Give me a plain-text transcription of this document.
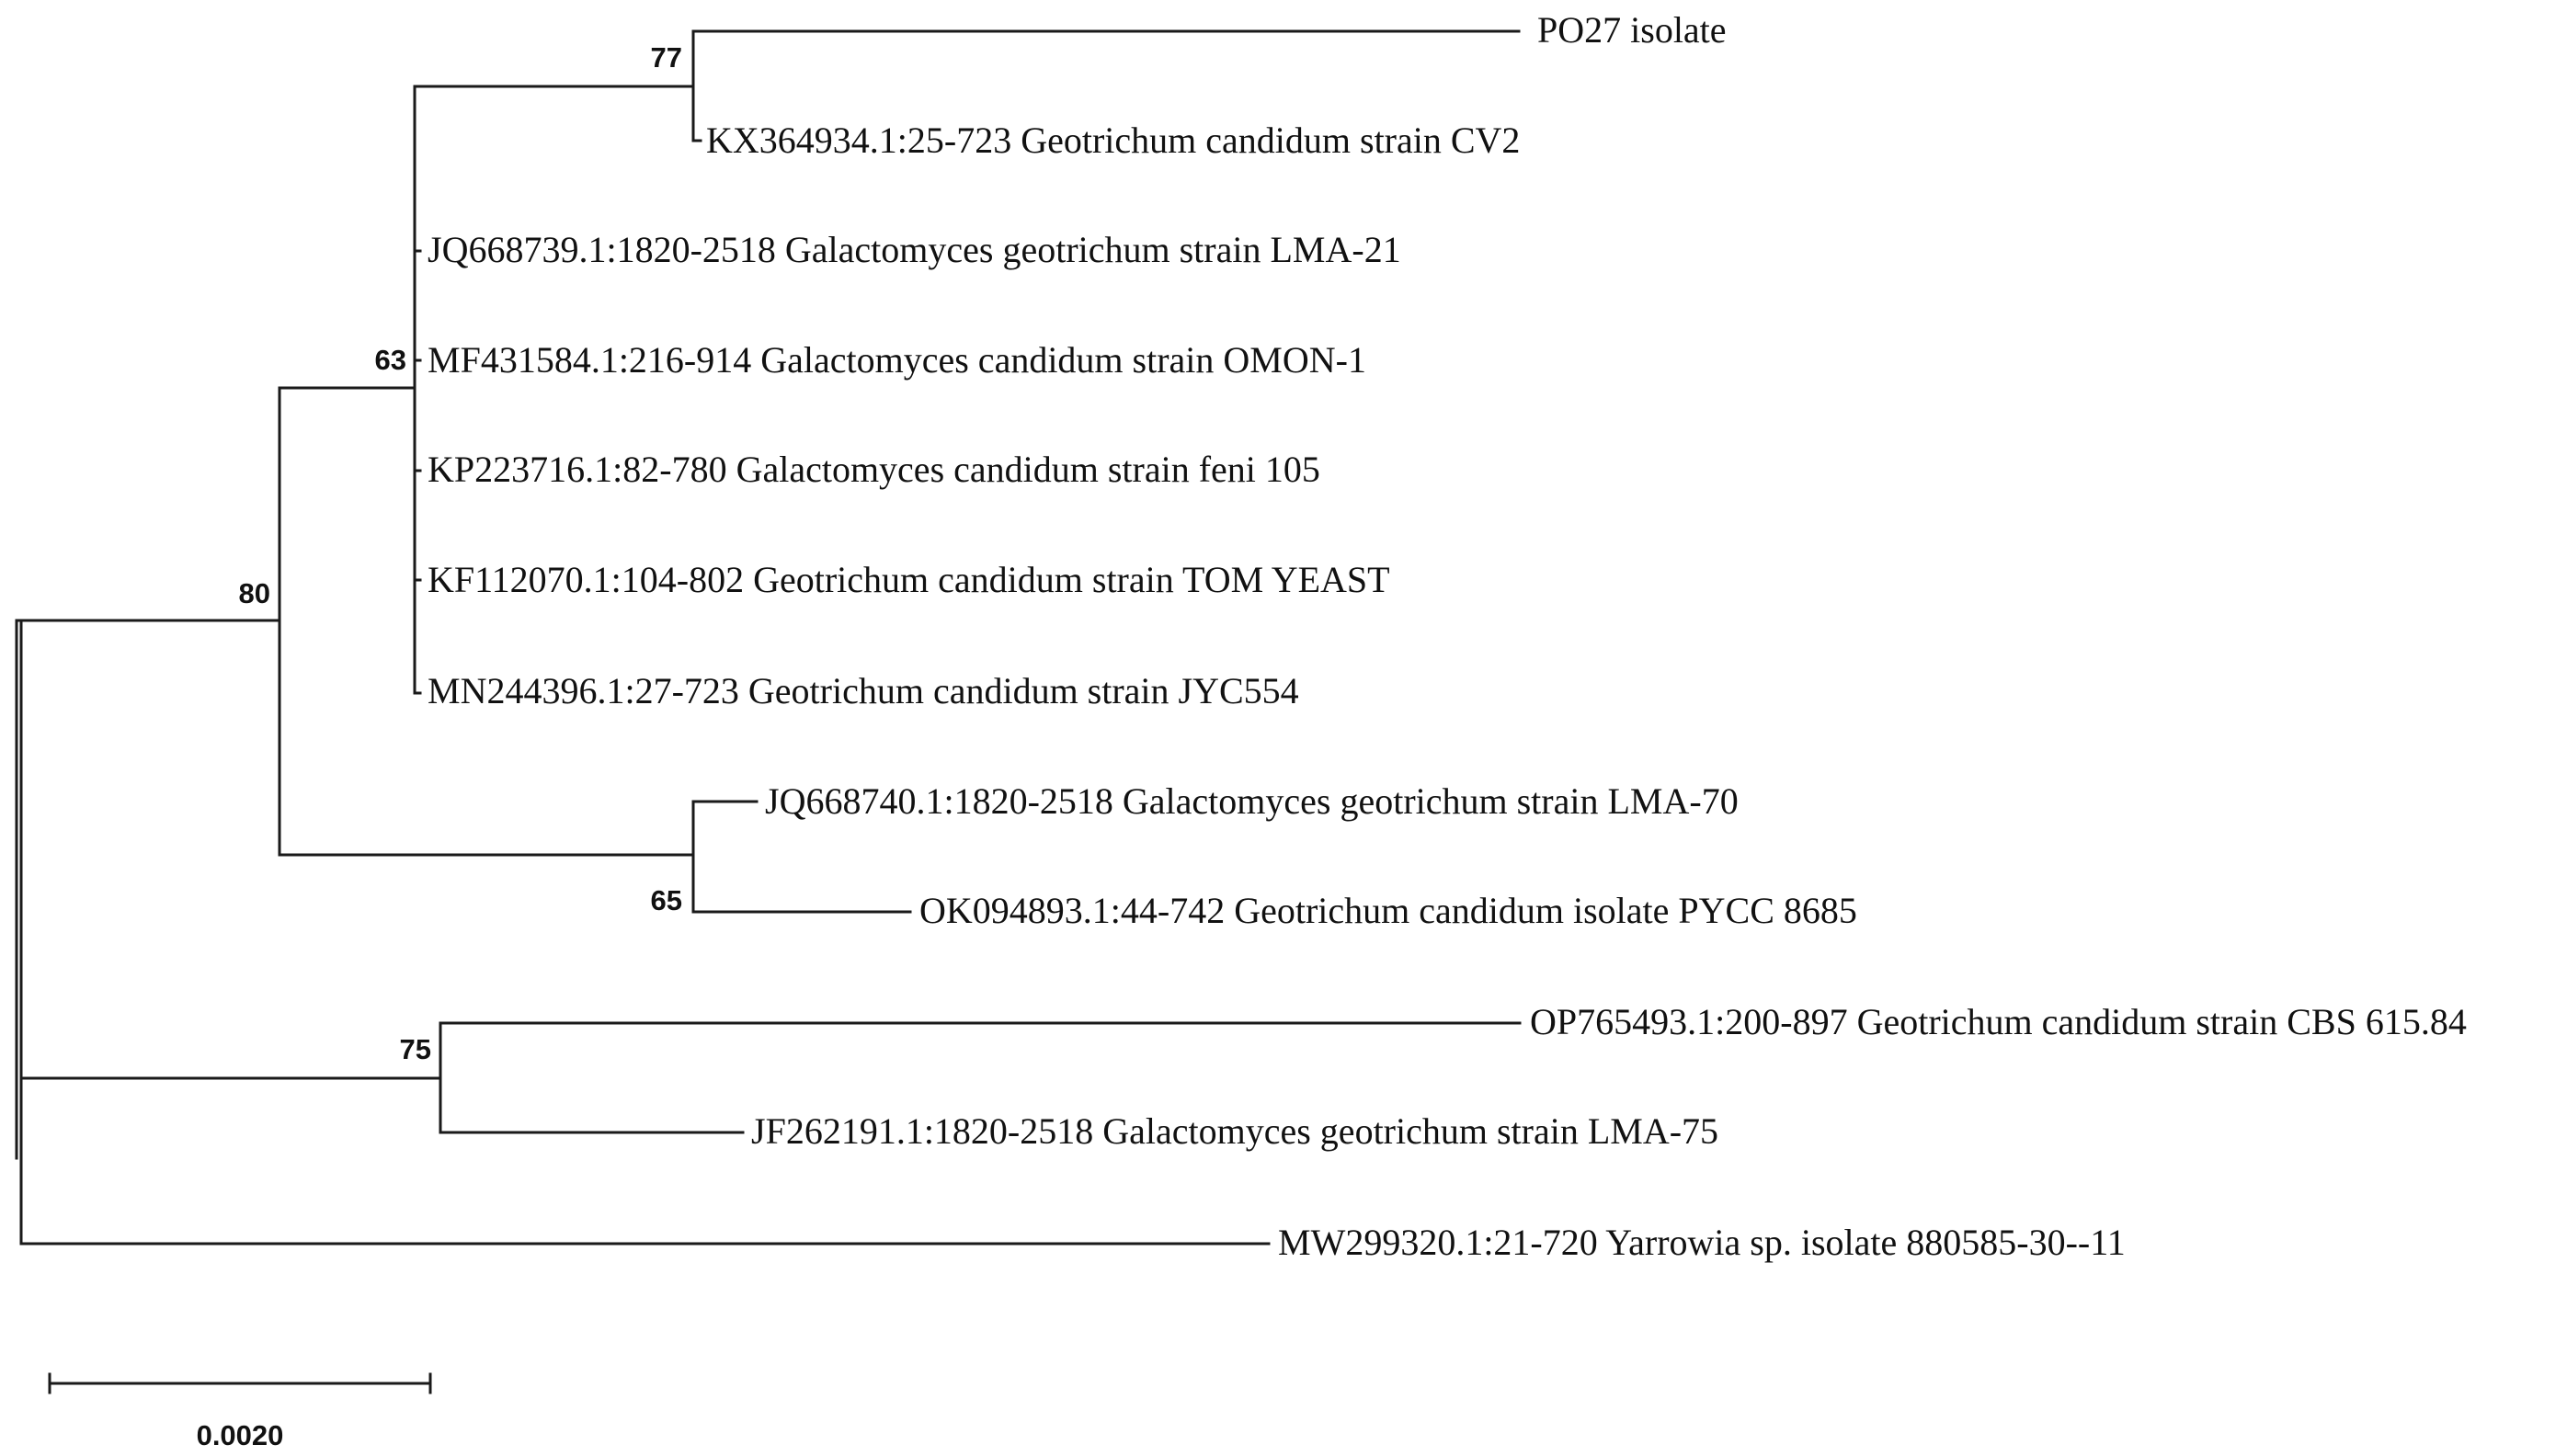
PO27 isolate
KX364934.1:25-723 Geotrichum candidum strain CV2
JQ668739.1:1820-2518 Galactomyces geotrichum strain LMA-21
MF431584.1:216-914 Galactomyces candidum strain OMON-1
KP223716.1:82-780 Galactomyces candidum strain feni 105
KF112070.1:104-802 Geotrichum candidum strain TOM YEAST
MN244396.1:27-723 Geotrichum candidum strain JYC554
JQ668740.1:1820-2518 Galactomyces geotrichum strain LMA-70
OK094893.1:44-742 Geotrichum candidum isolate PYCC 8685
OP765493.1:200-897 Geotrichum candidum strain CBS 615.84
JF262191.1:1820-2518 Galactomyces geotrichum strain LMA-75
MW299320.1:21-720 Yarrowia sp. isolate 880585-30--11
77
63
80
65
75
0.0020
